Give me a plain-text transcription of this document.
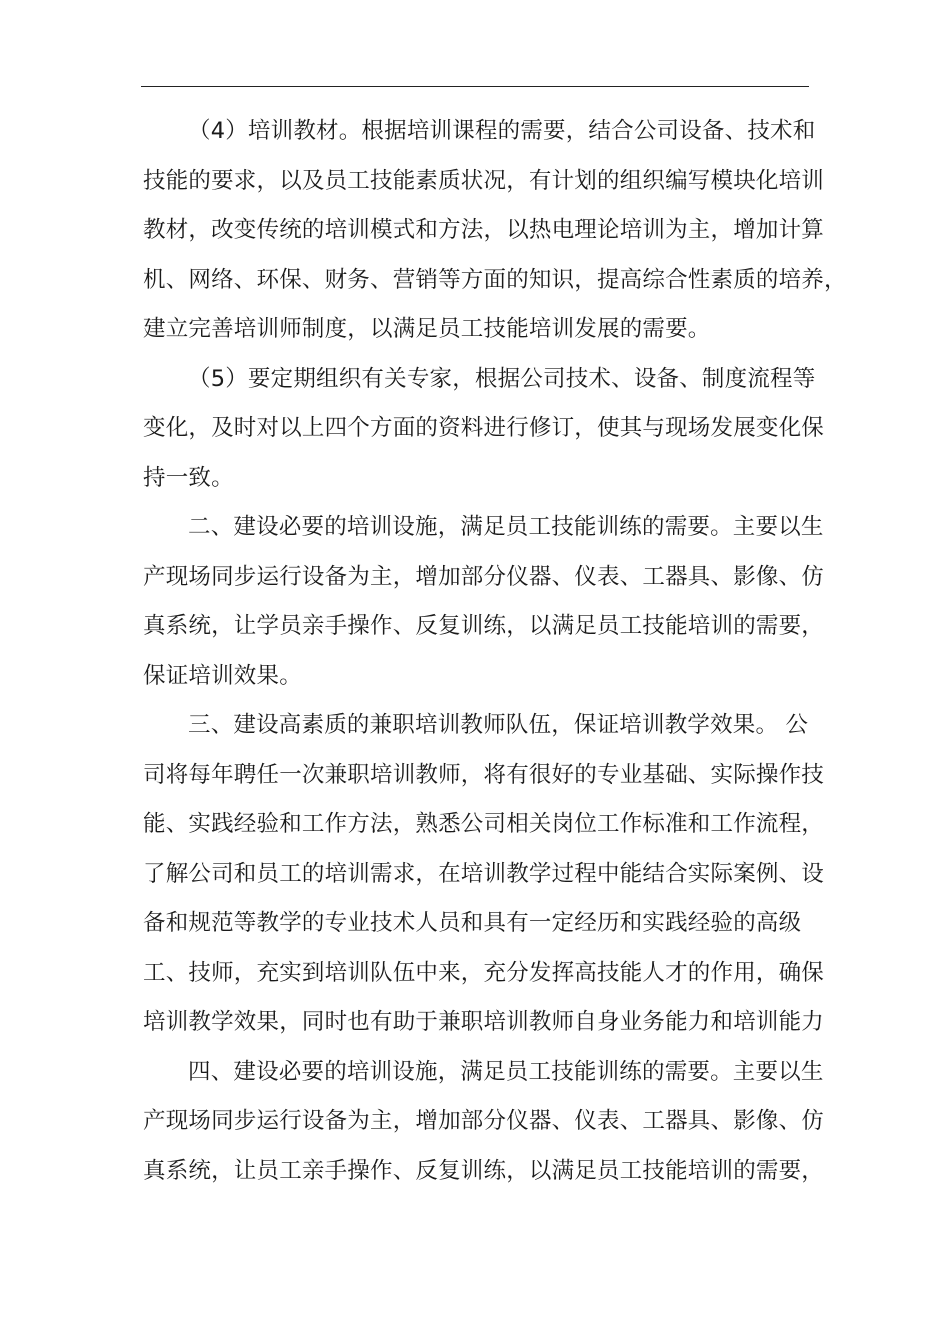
（4）培训教材。根据培训课程的需要，结合公司设备、技术和
技能的要求，以及员工技能素质状况，有计划的组织编写模块化培训
教材，改变传统的培训模式和方法，以热电理论培训为主，增加计算
机、网络、环保、财务、营销等方面的知识，提高综合性素质的培养，
建立完善培训师制度，以满足员工技能培训发展的需要。
（5）要定期组织有关专家，根据公司技术、设备、制度流程等
变化，及时对以上四个方面的资料进行修订，使其与现场发展变化保
持一致。
二、建设必要的培训设施，满足员工技能训练的需要。主要以生
产现场同步运行设备为主，增加部分仪器、仪表、工器具、影像、仿
真系统，让学员亲手操作、反复训练，以满足员工技能培训的需要，
保证培训效果。
三、建设高素质的兼职培训教师队伍，保证培训教学效果。 公
司将每年聘任一次兼职培训教师，将有很好的专业基础、实际操作技
能、实践经验和工作方法，熟悉公司相关岗位工作标准和工作流程，
了解公司和员工的培训需求，在培训教学过程中能结合实际案例、设
备和规范等教学的专业技术人员和具有一定经历和实践经验的高级
工、技师，充实到培训队伍中来，充分发挥高技能人才的作用，确保
培训教学效果，同时也有助于兼职培训教师自身业务能力和培训能力
四、建设必要的培训设施，满足员工技能训练的需要。主要以生
产现场同步运行设备为主，增加部分仪器、仪表、工器具、影像、仿
真系统，让员工亲手操作、反复训练，以满足员工技能培训的需要，
